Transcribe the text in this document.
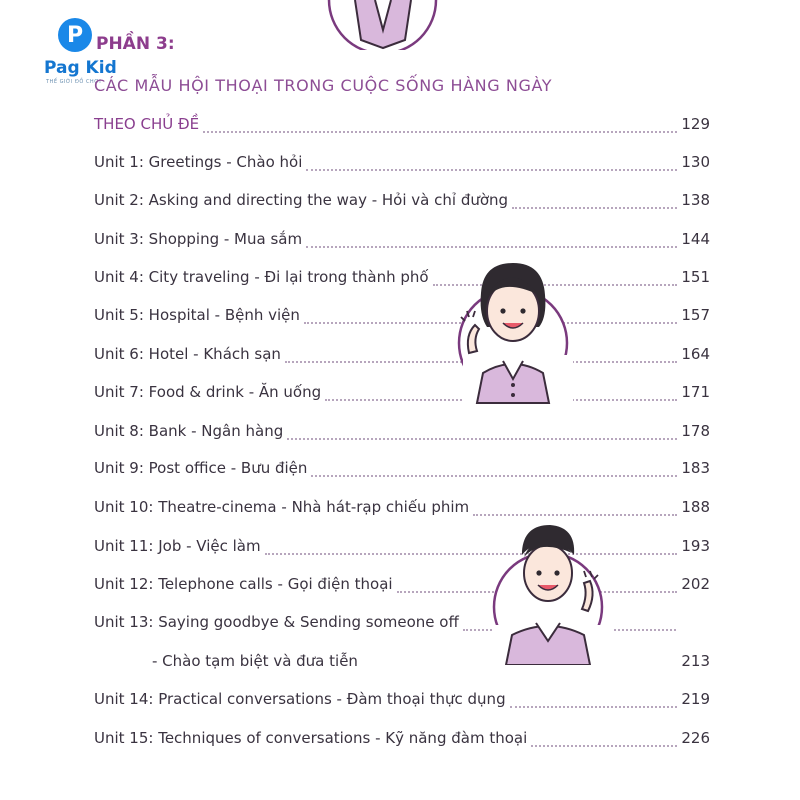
P
Pag Kid
THẾ GIỚI ĐỒ CHƠI
PHẦN 3:
CÁC MẪU HỘI THOẠI TRONG CUỘC SỐNG HÀNG NGÀY
THEO CHỦ ĐỀ	129
Unit 1: Greetings - Chào hỏi	130
Unit 2: Asking and directing the way - Hỏi và chỉ đường	138
Unit 3: Shopping - Mua sắm	144
Unit 4: City traveling - Đi lại trong thành phố	151
Unit 5: Hospital - Bệnh viện	157
Unit 6: Hotel - Khách sạn	164
Unit 7: Food & drink - Ăn uống	171
Unit 8: Bank - Ngân hàng	178
Unit 9: Post office - Bưu điện	183
Unit 10: Theatre-cinema - Nhà hát-rạp chiếu phim	188
Unit 11: Job - Việc làm	193
Unit 12: Telephone calls - Gọi điện thoại	202
Unit 13: Saying goodbye & Sending someone off
- Chào tạm biệt và đưa tiễn	213
Unit 14: Practical conversations - Đàm thoại thực dụng	219
Unit 15: Techniques of conversations - Kỹ năng đàm thoại	226
